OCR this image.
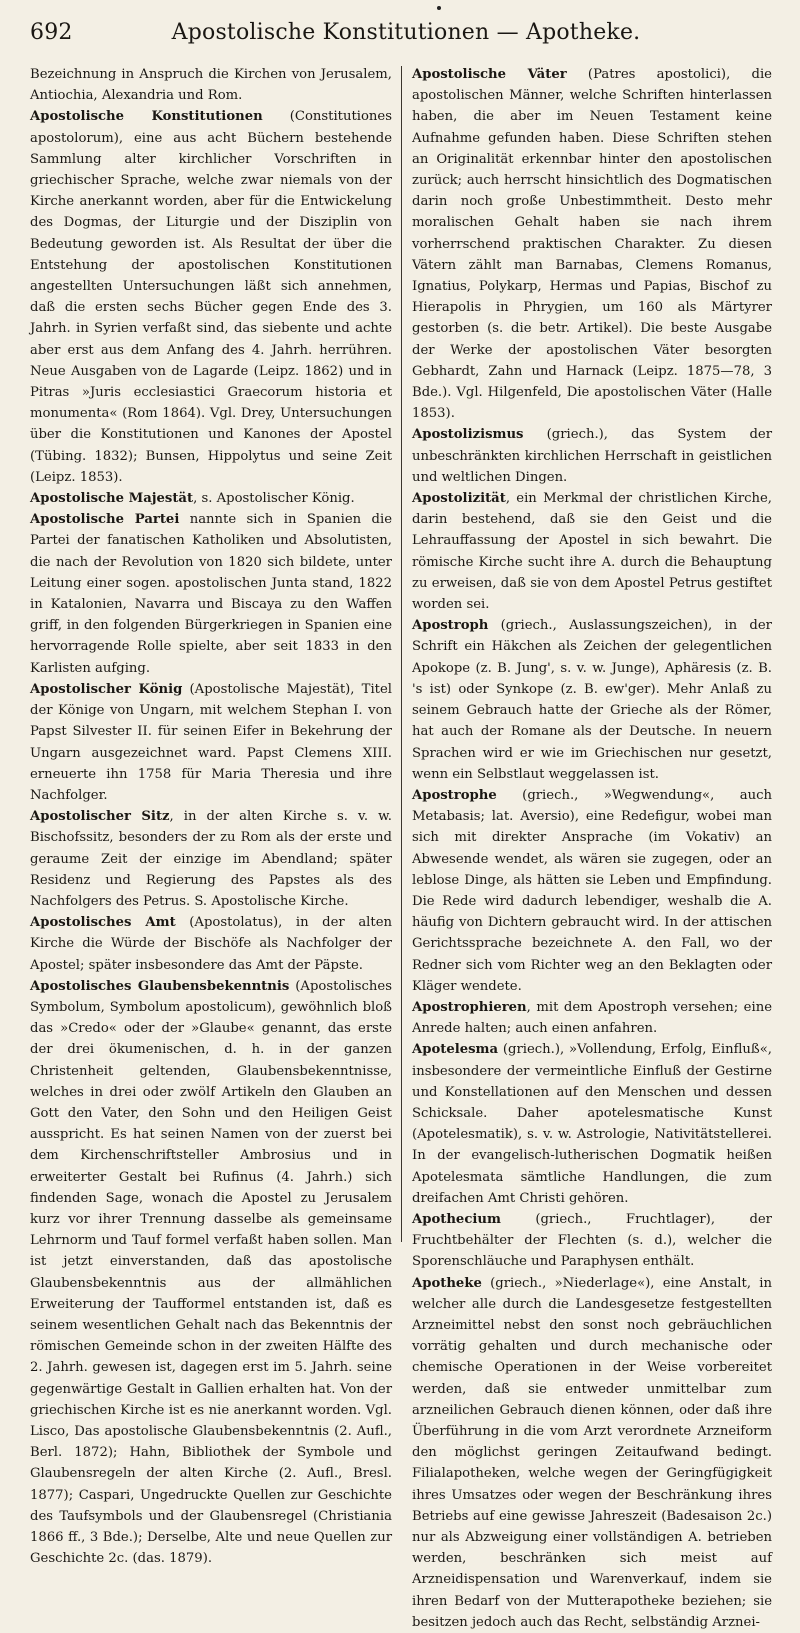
692	Apostolische Konstitutionen — Apotheke.

Bezeichnung in Anspruch die Kirchen von Jerusalem, Antiochia, Alexandria und Rom.

Apostolische Konstitutionen (Constitutiones apostolorum), eine aus acht Büchern bestehende Sammlung alter kirchlicher Vorschriften in griechischer Sprache, welche zwar niemals von der Kirche anerkannt worden, aber für die Entwickelung des Dogmas, der Liturgie und der Disziplin von Bedeutung geworden ist. Als Resultat der über die Entstehung der apostolischen Konstitutionen angestellten Untersuchungen läßt sich annehmen, daß die ersten sechs Bücher gegen Ende des 3. Jahrh. in Syrien verfaßt sind, das siebente und achte aber erst aus dem Anfang des 4. Jahrh. herrühren. Neue Ausgaben von de Lagarde (Leipz. 1862) und in Pitras »Juris ecclesiastici Graecorum historia et monumenta« (Rom 1864). Vgl. Drey, Untersuchungen über die Konstitutionen und Kanones der Apostel (Tübing. 1832); Bunsen, Hippolytus und seine Zeit (Leipz. 1853).

Apostolische Majestät, s. Apostolischer König.

Apostolische Partei nannte sich in Spanien die Partei der fanatischen Katholiken und Absolutisten, die nach der Revolution von 1820 sich bildete, unter Leitung einer sogen. apostolischen Junta stand, 1822 in Katalonien, Navarra und Biscaya zu den Waffen griff, in den folgenden Bürgerkriegen in Spanien eine hervorragende Rolle spielte, aber seit 1833 in den Karlisten aufging.

Apostolischer König (Apostolische Majestät), Titel der Könige von Ungarn, mit welchem Stephan I. von Papst Silvester II. für seinen Eifer in Bekehrung der Ungarn ausgezeichnet ward. Papst Clemens XIII. erneuerte ihn 1758 für Maria Theresia und ihre Nachfolger.

Apostolischer Sitz, in der alten Kirche s. v. w. Bischofssitz, besonders der zu Rom als der erste und geraume Zeit der einzige im Abendland; später Residenz und Regierung des Papstes als des Nachfolgers des Petrus. S. Apostolische Kirche.

Apostolisches Amt (Apostolatus), in der alten Kirche die Würde der Bischöfe als Nachfolger der Apostel; später insbesondere das Amt der Päpste.

Apostolisches Glaubensbekenntnis (Apostolisches Symbolum, Symbolum apostolicum), gewöhnlich bloß das »Credo« oder der »Glaube« genannt, das erste der drei ökumenischen, d. h. in der ganzen Christenheit geltenden, Glaubensbekenntnisse, welches in drei oder zwölf Artikeln den Glauben an Gott den Vater, den Sohn und den Heiligen Geist ausspricht. Es hat seinen Namen von der zuerst bei dem Kirchenschriftsteller Ambrosius und in erweiterter Gestalt bei Rufinus (4. Jahrh.) sich findenden Sage, wonach die Apostel zu Jerusalem kurz vor ihrer Trennung dasselbe als gemeinsame Lehrnorm und Tauf formel verfaßt haben sollen. Man ist jetzt einverstanden, daß das apostolische Glaubensbekenntnis aus der allmählichen Erweiterung der Taufformel entstanden ist, daß es seinem wesentlichen Gehalt nach das Bekenntnis der römischen Gemeinde schon in der zweiten Hälfte des 2. Jahrh. gewesen ist, dagegen erst im 5. Jahrh. seine gegenwärtige Gestalt in Gallien erhalten hat. Von der griechischen Kirche ist es nie anerkannt worden. Vgl. Lisco, Das apostolische Glaubensbekenntnis (2. Aufl., Berl. 1872); Hahn, Bibliothek der Symbole und Glaubensregeln der alten Kirche (2. Aufl., Bresl. 1877); Caspari, Ungedruckte Quellen zur Geschichte des Taufsymbols und der Glaubensregel (Christiania 1866 ff., 3 Bde.); Derselbe, Alte und neue Quellen zur Geschichte 2c. (das. 1879).

Apostolische Väter (Patres apostolici), die apostolischen Männer, welche Schriften hinterlassen haben, die aber im Neuen Testament keine Aufnahme gefunden haben. Diese Schriften stehen an Originalität erkennbar hinter den apostolischen zurück; auch herrscht hinsichtlich des Dogmatischen darin noch große Unbestimmtheit. Desto mehr moralischen Gehalt haben sie nach ihrem vorherrschend praktischen Charakter. Zu diesen Vätern zählt man Barnabas, Clemens Romanus, Ignatius, Polykarp, Hermas und Papias, Bischof zu Hierapolis in Phrygien, um 160 als Märtyrer gestorben (s. die betr. Artikel). Die beste Ausgabe der Werke der apostolischen Väter besorgten Gebhardt, Zahn und Harnack (Leipz. 1875—78, 3 Bde.). Vgl. Hilgenfeld, Die apostolischen Väter (Halle 1853).

Apostolizismus (griech.), das System der unbeschränkten kirchlichen Herrschaft in geistlichen und weltlichen Dingen.

Apostolizität, ein Merkmal der christlichen Kirche, darin bestehend, daß sie den Geist und die Lehrauffassung der Apostel in sich bewahrt. Die römische Kirche sucht ihre A. durch die Behauptung zu erweisen, daß sie von dem Apostel Petrus gestiftet worden sei.

Apostroph (griech., Auslassungszeichen), in der Schrift ein Häkchen als Zeichen der gelegentlichen Apokope (z. B. Jung', s. v. w. Junge), Aphäresis (z. B. 's ist) oder Synkope (z. B. ew'ger). Mehr Anlaß zu seinem Gebrauch hatte der Grieche als der Römer, hat auch der Romane als der Deutsche. In neuern Sprachen wird er wie im Griechischen nur gesetzt, wenn ein Selbstlaut weggelassen ist.

Apostrophe (griech., »Wegwendung«, auch Metabasis; lat. Aversio), eine Redefigur, wobei man sich mit direkter Ansprache (im Vokativ) an Abwesende wendet, als wären sie zugegen, oder an leblose Dinge, als hätten sie Leben und Empfindung. Die Rede wird dadurch lebendiger, weshalb die A. häufig von Dichtern gebraucht wird. In der attischen Gerichtssprache bezeichnete A. den Fall, wo der Redner sich vom Richter weg an den Beklagten oder Kläger wendete.

Apostrophieren, mit dem Apostroph versehen; eine Anrede halten; auch einen anfahren.

Apotelesma (griech.), »Vollendung, Erfolg, Einfluß«, insbesondere der vermeintliche Einfluß der Gestirne und Konstellationen auf den Menschen und dessen Schicksale. Daher apotelesmatische Kunst (Apotelesmatik), s. v. w. Astrologie, Nativitätstellerei. In der evangelisch-lutherischen Dogmatik heißen Apotelesmata sämtliche Handlungen, die zum dreifachen Amt Christi gehören.

Apothecium (griech., Fruchtlager), der Fruchtbehälter der Flechten (s. d.), welcher die Sporenschläuche und Paraphysen enthält.

Apotheke (griech., »Niederlage«), eine Anstalt, in welcher alle durch die Landesgesetze festgestellten Arzneimittel nebst den sonst noch gebräuchlichen vorrätig gehalten und durch mechanische oder chemische Operationen in der Weise vorbereitet werden, daß sie entweder unmittelbar zum arzneilichen Gebrauch dienen können, oder daß ihre Überführung in die vom Arzt verordnete Arzneiform den möglichst geringen Zeitaufwand bedingt. Filialapotheken, welche wegen der Geringfügigkeit ihres Umsatzes oder wegen der Beschränkung ihres Betriebs auf eine gewisse Jahreszeit (Badesaison 2c.) nur als Abzweigung einer vollständigen A. betrieben werden, beschränken sich meist auf Arzneidispensation und Warenverkauf, indem sie ihren Bedarf von der Mutterapotheke beziehen; sie besitzen jedoch auch das Recht, selbständig Arznei-
